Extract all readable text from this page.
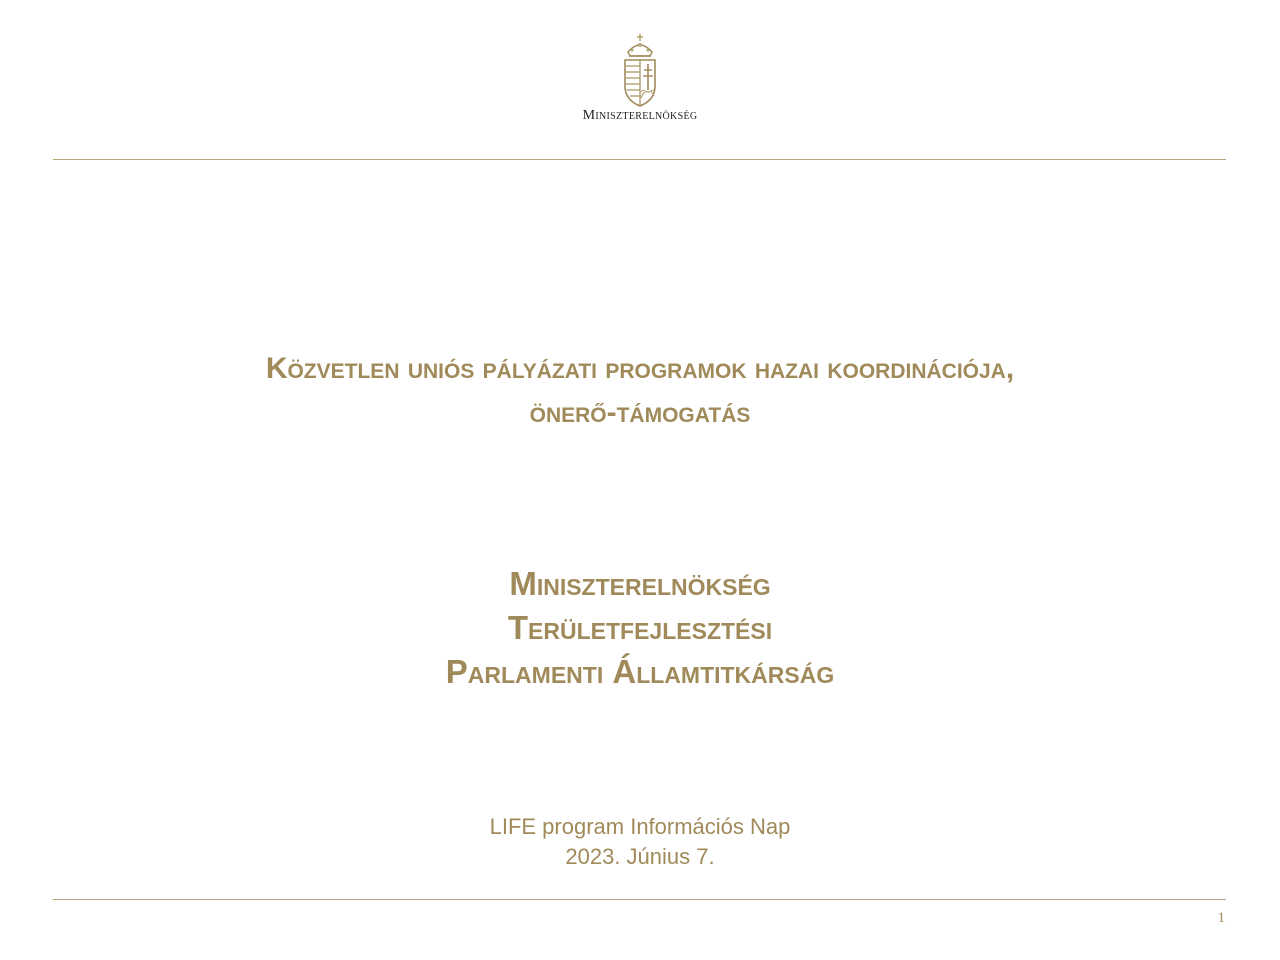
Miniszterelnökség
Közvetlen uniós pályázati programok hazai koordinációja,
önerő-támogatás
Miniszterelnökség
Területfejlesztési
Parlamenti Államtitkárság
LIFE program Információs Nap
2023. Június 7.
1
